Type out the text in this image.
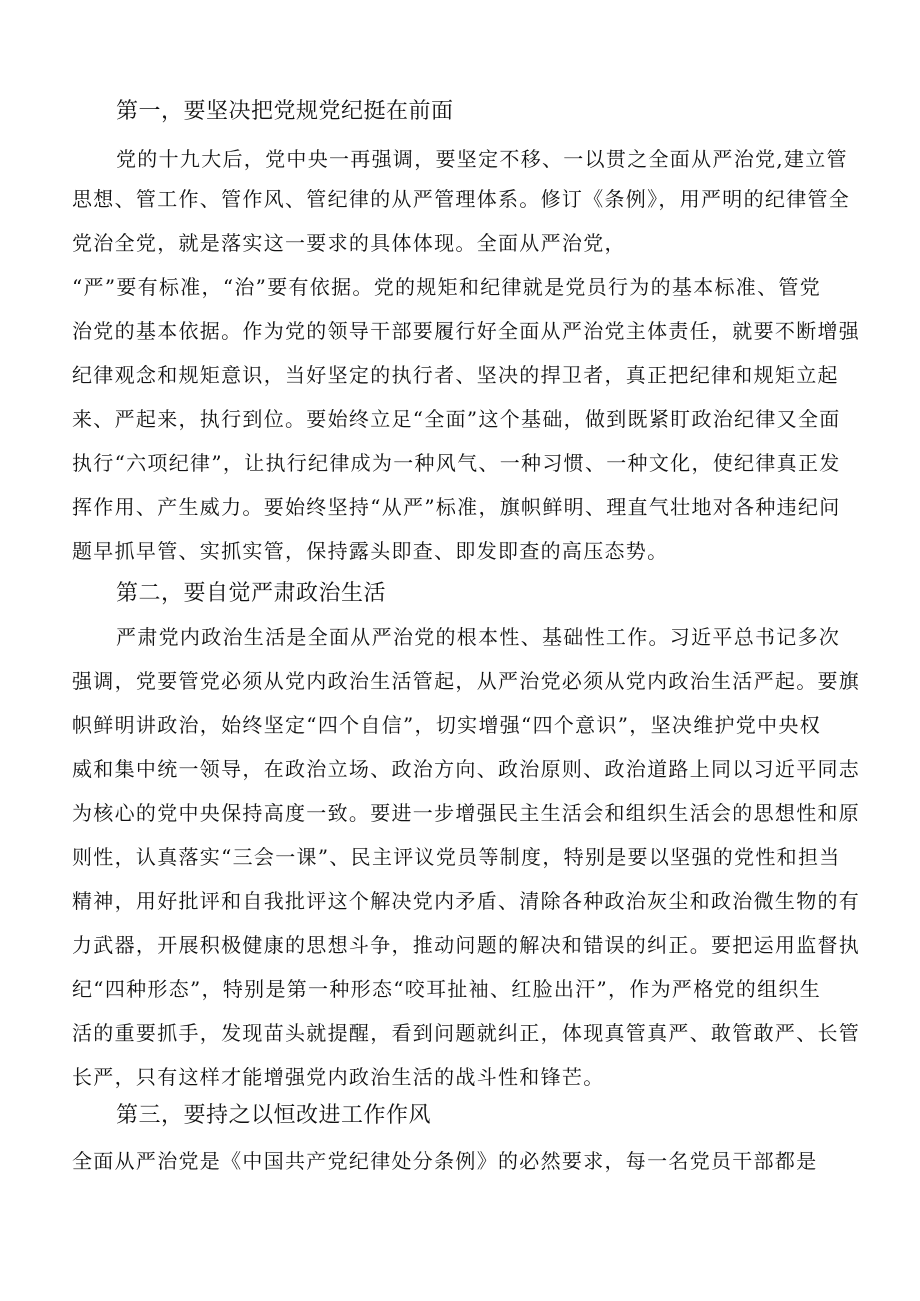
第一，要坚决把党规党纪挺在前面
党的十九大后，党中央一再强调，要坚定不移、一以贯之全面从严治党,建立管
思想、管工作、管作风、管纪律的从严管理体系。修订《条例》，用严明的纪律管全
党治全党，就是落实这一要求的具体体现。全面从严治党，
“严”要有标准，“治”要有依据。党的规矩和纪律就是党员行为的基本标准、管党
治党的基本依据。作为党的领导干部要履行好全面从严治党主体责任，就要不断增强
纪律观念和规矩意识，当好坚定的执行者、坚决的捍卫者，真正把纪律和规矩立起
来、严起来，执行到位。要始终立足“全面”这个基础，做到既紧盯政治纪律又全面
执行“六项纪律”，让执行纪律成为一种风气、一种习惯、一种文化，使纪律真正发
挥作用、产生威力。要始终坚持“从严”标准，旗帜鲜明、理直气壮地对各种违纪问
题早抓早管、实抓实管，保持露头即查、即发即查的高压态势。
第二，要自觉严肃政治生活
严肃党内政治生活是全面从严治党的根本性、基础性工作。习近平总书记多次
强调，党要管党必须从党内政治生活管起，从严治党必须从党内政治生活严起。要旗
帜鲜明讲政治，始终坚定“四个自信”，切实增强“四个意识”，坚决维护党中央权
威和集中统一领导，在政治立场、政治方向、政治原则、政治道路上同以习近平同志
为核心的党中央保持高度一致。要进一步增强民主生活会和组织生活会的思想性和原
则性，认真落实“三会一课”、民主评议党员等制度，特别是要以坚强的党性和担当
精神，用好批评和自我批评这个解决党内矛盾、清除各种政治灰尘和政治微生物的有
力武器，开展积极健康的思想斗争，推动问题的解决和错误的纠正。要把运用监督执
纪“四种形态”，特别是第一种形态“咬耳扯袖、红脸出汗”，作为严格党的组织生
活的重要抓手，发现苗头就提醒，看到问题就纠正，体现真管真严、敢管敢严、长管
长严，只有这样才能增强党内政治生活的战斗性和锋芒。
第三，要持之以恒改进工作作风
全面从严治党是《中国共产党纪律处分条例》的必然要求，每一名党员干部都是
